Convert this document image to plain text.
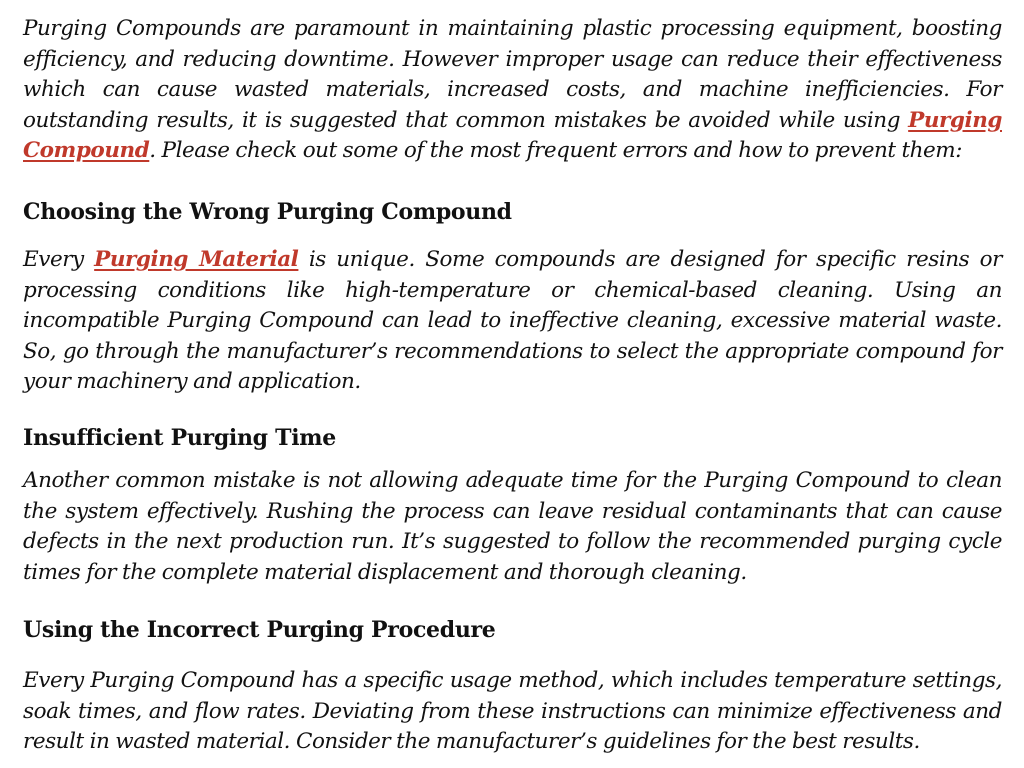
Purging Compounds are paramount in maintaining plastic processing equipment, boosting efficiency, and reducing downtime. However improper usage can reduce their effectiveness which can cause wasted materials, increased costs, and machine inefficiencies. For outstanding results, it is suggested that common mistakes be avoided while using Purging Compound. Please check out some of the most frequent errors and how to prevent them:

Choosing the Wrong Purging Compound

Every Purging Material is unique. Some compounds are designed for specific resins or processing conditions like high-temperature or chemical-based cleaning. Using an incompatible Purging Compound can lead to ineffective cleaning, excessive material waste. So, go through the manufacturer’s recommendations to select the appropriate compound for your machinery and application.

Insufficient Purging Time

Another common mistake is not allowing adequate time for the Purging Compound to clean the system effectively. Rushing the process can leave residual contaminants that can cause defects in the next production run. It’s suggested to follow the recommended purging cycle times for the complete material displacement and thorough cleaning.

Using the Incorrect Purging Procedure

Every Purging Compound has a specific usage method, which includes temperature settings, soak times, and flow rates. Deviating from these instructions can minimize effectiveness and result in wasted material. Consider the manufacturer’s guidelines for the best results.
